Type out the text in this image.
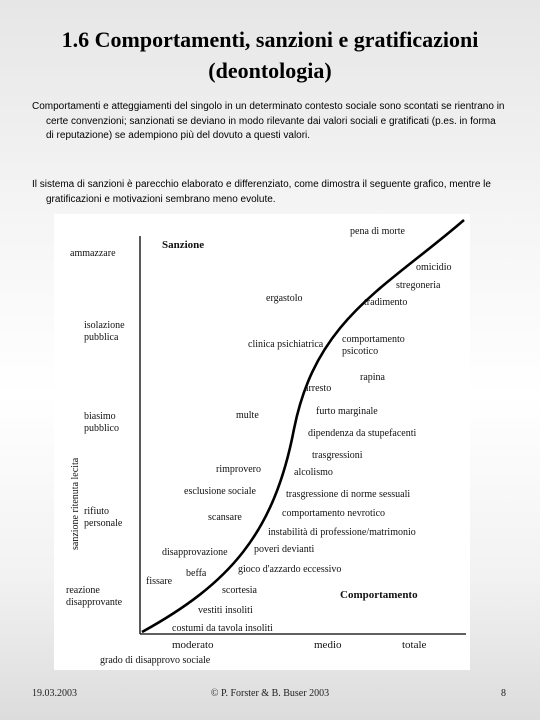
1.6 Comportamenti, sanzioni e gratificazioni
(deontologia)
Comportamenti e atteggiamenti del singolo in un determinato contesto sociale sono scontati se rientrano in certe convenzioni; sanzionati se deviano in modo rilevante dai valori sociali e gratificati (p.es. in forma di reputazione) se adempiono più del dovuto a questi valori.
Il sistema di sanzioni è parecchio elaborato e differenziato, come dimostra il seguente grafico, mentre le gratificazioni e motivazioni sembrano meno evolute.
Sanzione
Comportamento
sanzione ritenuta lecita
ammazzare
isolazione
pubblica
biasimo
pubblico
rifiuto
personale
reazione
disapprovante
pena di morte
omicidio
stregoneria
tradimento
ergastolo
comportamento
psicotico
clinica psichiatrica
rapina
arresto
furto marginale
multe
dipendenza da stupefacenti
trasgressioni
rimprovero	alcolismo
esclusione sociale	trasgressione di norme sessuali
scansare	comportamento nevrotico
instabilità di professione/matrimonio
poveri devianti
disapprovazione
gioco d'azzardo eccessivo
beffa
fissare
scortesia
vestiti insoliti
costumi da tavola insoliti
moderato	medio	totale
grado di disapprovo sociale
19.03.2003	© P. Forster & B. Buser 2003	8
